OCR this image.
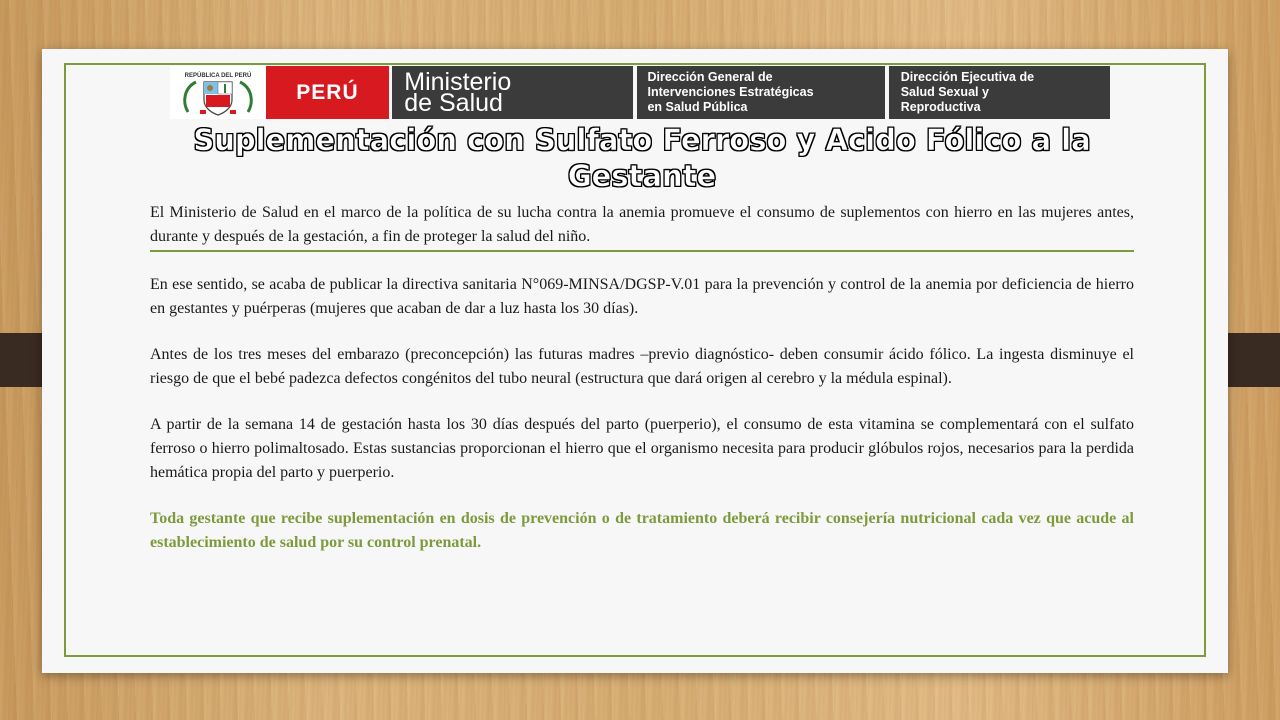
REPÚBLICA DEL PERÚ
PERÚ Ministerio
de Salud
Dirección General de
Intervenciones Estratégicas
en Salud Pública
Dirección Ejecutiva de
Salud Sexual y
Reproductiva
Suplementación con Sulfato Ferroso y Acido Fólico a la Gestante

El Ministerio de Salud en el marco de la política de su lucha contra la anemia promueve el consumo de suplementos con hierro en las mujeres antes, durante y después de la gestación, a fin de proteger la salud del niño.

En ese sentido, se acaba de publicar la directiva sanitaria N°069-MINSA/DGSP-V.01 para la prevención y control de la anemia por deficiencia de hierro en gestantes y puérperas (mujeres que acaban de dar a luz hasta los 30 días).

Antes de los tres meses del embarazo (preconcepción) las futuras madres –previo diagnóstico- deben consumir ácido fólico. La ingesta disminuye el riesgo de que el bebé padezca defectos congénitos del tubo neural (estructura que dará origen al cerebro y la médula espinal).

A partir de la semana 14 de gestación hasta los 30 días después del parto (puerperio), el consumo de esta vitamina se complementará con el sulfato ferroso o hierro polimaltosado. Estas sustancias proporcionan el hierro que el organismo necesita para producir glóbulos rojos, necesarios para la perdida hemática propia del parto y puerperio.

Toda gestante que recibe suplementación en dosis de prevención o de tratamiento deberá recibir consejería nutricional cada vez que acude al establecimiento de salud por su control prenatal.
